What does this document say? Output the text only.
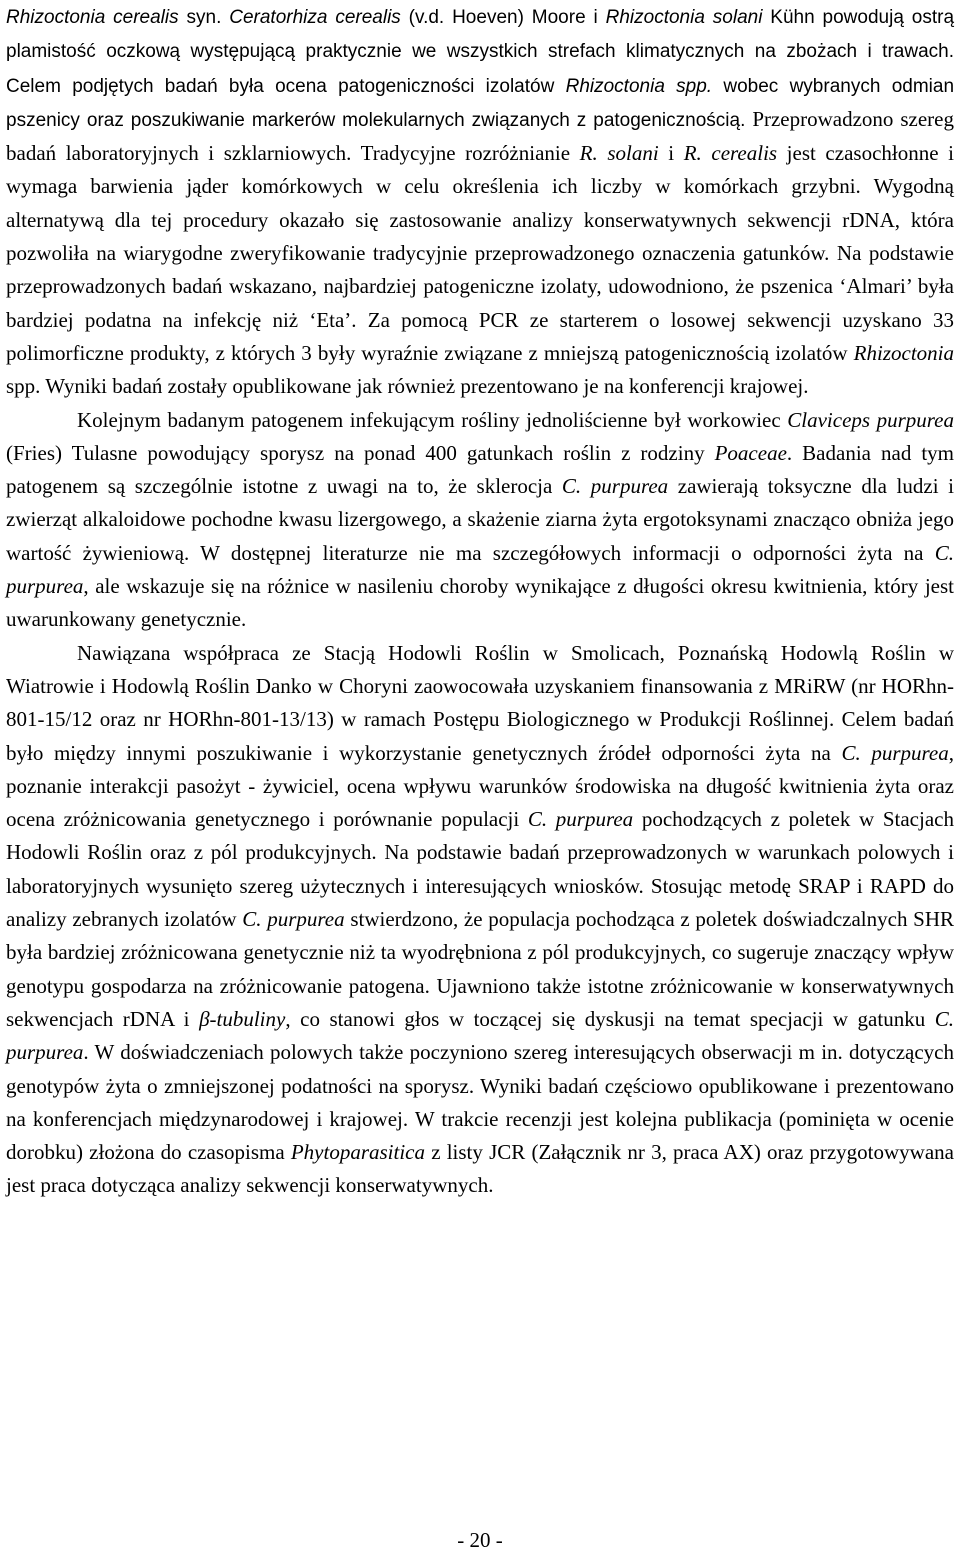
Rhizoctonia cerealis syn. Ceratorhiza cerealis (v.d. Hoeven) Moore i Rhizoctonia solani Kühn powodują ostrą plamistość oczkową występującą praktycznie we wszystkich strefach klimatycznych na zbożach i trawach. Celem podjętych badań była ocena patogeniczności izolatów Rhizoctonia spp. wobec wybranych odmian pszenicy oraz poszukiwanie markerów molekularnych związanych z patogenicznością. Przeprowadzono szereg badań laboratoryjnych i szklarniowych. Tradycyjne rozróżnianie R. solani i R. cerealis jest czasochłonne i wymaga barwienia jąder komórkowych w celu określenia ich liczby w komórkach grzybni. Wygodną alternatywą dla tej procedury okazało się zastosowanie analizy konserwatywnych sekwencji rDNA, która pozwoliła na wiarygodne zweryfikowanie tradycyjnie przeprowadzonego oznaczenia gatunków. Na podstawie przeprowadzonych badań wskazano, najbardziej patogeniczne izolaty, udowodniono, że pszenica ‘Almari’ była bardziej podatna na infekcję niż ‘Eta’. Za pomocą PCR ze starterem o losowej sekwencji uzyskano 33 polimorficzne produkty, z których 3 były wyraźnie związane z mniejszą patogenicznością izolatów Rhizoctonia spp. Wyniki badań zostały opublikowane jak również prezentowano je na konferencji krajowej.

Kolejnym badanym patogenem infekującym rośliny jednoliścienne był workowiec Claviceps purpurea (Fries) Tulasne powodujący sporysz na ponad 400 gatunkach roślin z rodziny Poaceae. Badania nad tym patogenem są szczególnie istotne z uwagi na to, że sklerocja C. purpurea zawierają toksyczne dla ludzi i zwierząt alkaloidowe pochodne kwasu lizergowego, a skażenie ziarna żyta ergotoksynami znacząco obniża jego wartość żywieniową. W dostępnej literaturze nie ma szczegółowych informacji o odporności żyta na C. purpurea, ale wskazuje się na różnice w nasileniu choroby wynikające z długości okresu kwitnienia, który jest uwarunkowany genetycznie.

Nawiązana współpraca ze Stacją Hodowli Roślin w Smolicach, Poznańską Hodowlą Roślin w Wiatrowie i Hodowlą Roślin Danko w Choryni zaowocowała uzyskaniem finansowania z MRiRW (nr HORhn-801-15/12 oraz nr HORhn-801-13/13) w ramach Postępu Biologicznego w Produkcji Roślinnej. Celem badań było między innymi poszukiwanie i wykorzystanie genetycznych źródeł odporności żyta na C. purpurea, poznanie interakcji pasożyt - żywiciel, ocena wpływu warunków środowiska na długość kwitnienia żyta oraz ocena zróżnicowania genetycznego i porównanie populacji C. purpurea pochodzących z poletek w Stacjach Hodowli Roślin oraz z pól produkcyjnych. Na podstawie badań przeprowadzonych w warunkach polowych i laboratoryjnych wysunięto szereg użytecznych i interesujących wniosków. Stosując metodę SRAP i RAPD do analizy zebranych izolatów C. purpurea stwierdzono, że populacja pochodząca z poletek doświadczalnych SHR była bardziej zróżnicowana genetycznie niż ta wyodrębniona z pól produkcyjnych, co sugeruje znaczący wpływ genotypu gospodarza na zróżnicowanie patogena. Ujawniono także istotne zróżnicowanie w konserwatywnych sekwencjach rDNA i β-tubuliny, co stanowi głos w toczącej się dyskusji na temat specjacji w gatunku C. purpurea. W doświadczeniach polowych także poczyniono szereg interesujących obserwacji m in. dotyczących genotypów żyta o zmniejszonej podatności na sporysz. Wyniki badań częściowo opublikowane i prezentowano na konferencjach międzynarodowej i krajowej. W trakcie recenzji jest kolejna publikacja (pominięta w ocenie dorobku) złożona do czasopisma Phytoparasitica z listy JCR (Załącznik nr 3, praca AX) oraz przygotowywana jest praca dotycząca analizy sekwencji konserwatywnych.

- 20 -
